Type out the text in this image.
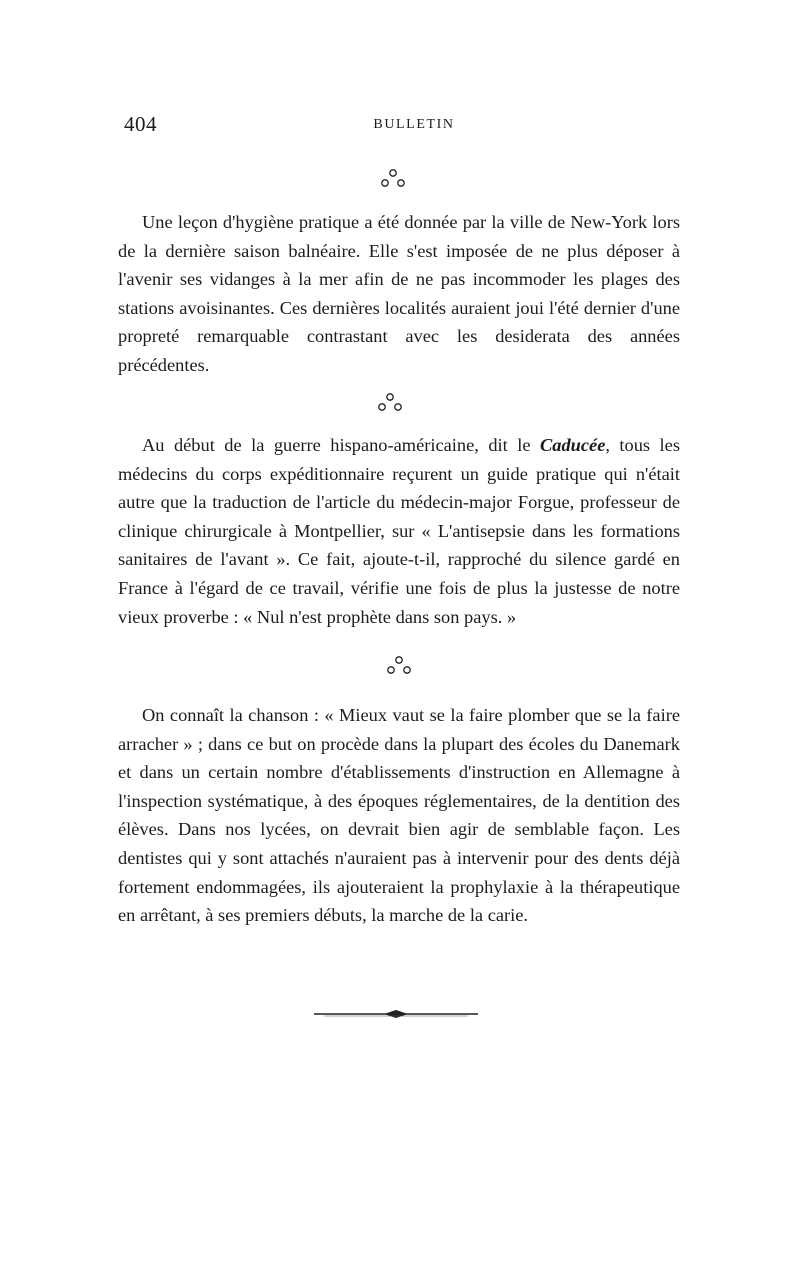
404	BULLETIN

Une leçon d'hygiène pratique a été donnée par la ville de New-York lors de la dernière saison balnéaire. Elle s'est imposée de ne plus déposer à l'avenir ses vidanges à la mer afin de ne pas incommoder les plages des stations avoisinantes. Ces dernières localités auraient joui l'été dernier d'une propreté remarquable contrastant avec les desiderata des années précédentes.

Au début de la guerre hispano-américaine, dit le Caducée, tous les médecins du corps expéditionnaire reçurent un guide pratique qui n'était autre que la traduction de l'article du médecin-major Forgue, professeur de clinique chirurgicale à Montpellier, sur « L'antisepsie dans les formations sanitaires de l'avant ». Ce fait, ajoute-t-il, rapproché du silence gardé en France à l'égard de ce travail, vérifie une fois de plus la justesse de notre vieux proverbe : « Nul n'est prophète dans son pays. »

On connaît la chanson : « Mieux vaut se la faire plomber que se la faire arracher » ; dans ce but on procède dans la plupart des écoles du Danemark et dans un certain nombre d'établissements d'instruction en Allemagne à l'inspection systématique, à des époques réglementaires, de la dentition des élèves. Dans nos lycées, on devrait bien agir de semblable façon. Les dentistes qui y sont attachés n'auraient pas à intervenir pour des dents déjà fortement endommagées, ils ajouteraient la prophylaxie à la thérapeutique en arrêtant, à ses premiers débuts, la marche de la carie.
